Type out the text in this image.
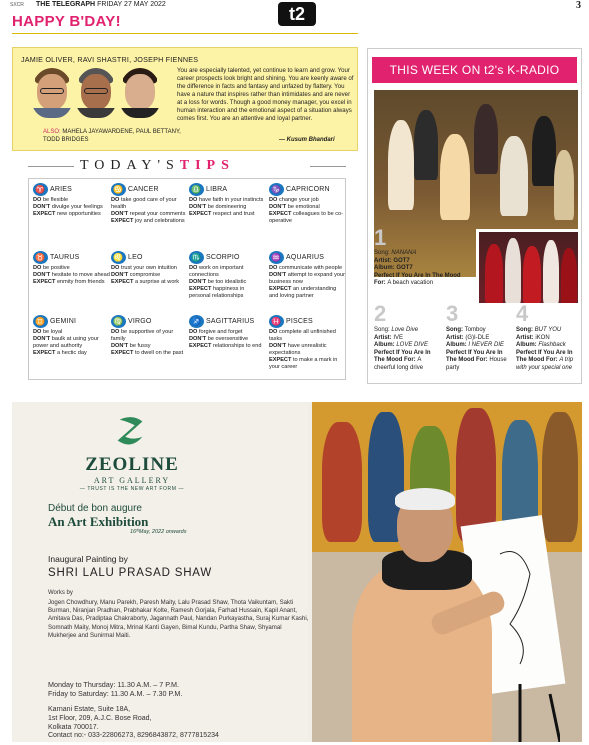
SXCR THE TELEGRAPH FRIDAY 27 MAY 2022	3
t2
HAPPY B'DAY!
JAMIE OLIVER, RAVI SHASTRI, JOSEPH FIENNES
ALSO: MAHELA JAYAWARDENE, PAUL BETTANY, TODD BRIDGES
You are especially talented, yet continue to learn and grow. Your career prospects look bright and shining. You are keenly aware of the difference in facts and fantasy and unfazed by flattery. You have a nature that inspires rather than intimidates and are never at a loss for words. Though a good money manager, you excel in human interaction and the emotional aspect of a situation always comes first. You are an attentive and loyal partner.
— Kusum Bhandari
TODAY'STIPS
♈ ARIES
DO be flexible
DON'T divulge your feelings
EXPECT new opportunities
♉ TAURUS
DO be positive
DON'T hesitate to move ahead
EXPECT enmity from friends
♊ GEMINI
DO be loyal
DON'T baulk at using your power and authority
EXPECT a hectic day
♋ CANCER
DO take good care of your health
DON'T repeat your comments
EXPECT joy and celebrations
♌ LEO
DO trust your own intuition
DON'T compromise
EXPECT a surprise at work
♍ VIRGO
DO be supportive of your family
DON'T be fussy
EXPECT to dwell on the past
♎ LIBRA
DO have faith in your instincts
DON'T be domineering
EXPECT respect and trust
♏ SCORPIO
DO work on important connections
DON'T be too idealistic
EXPECT happiness in personal relationships
♐ SAGITTARIUS
DO forgive and forget
DON'T be oversensitive
EXPECT relationships to end
♑ CAPRICORN
DO change your job
DON'T be emotional
EXPECT colleagues to be co-operative
♒ AQUARIUS
DO communicate with people
DON'T attempt to expand your business now
EXPECT an understanding and loving partner
♓ PISCES
DO complete all unfinished tasks
DON'T have unrealistic expectations
EXPECT to make a mark in your career
THIS WEEK ON t2's K-RADIO
1
Song: NANANA
Artist: GOT7
Album: GOT7
Perfect If You Are In The Mood For: A beach vacation
2
Song: Love Dive
Artist: IVE
Album: LOVE DIVE
Perfect If You Are In The Mood For: A cheerful long drive
3
Song: Tomboy
Artist: (G)I-DLE
Album: I NEVER DIE
Perfect If You Are In The Mood For: House party
4
Song: BUT YOU
Artist: iKON
Album: Flashback
Perfect If You Are In The Mood For: A trip with your special one
ZEOLINE
ART GALLERY
— TRUST IS THE NEW ART FORM —
Début de bon augure
An Art Exhibition
16ᵗʰMay, 2022 onwards
Inaugural Painting by
SHRI LALU PRASAD SHAW
Works by
Jogen Chowdhury, Manu Parekh, Paresh Maity, Lalu Prasad Shaw, Thota Vaikuntam, Sakti Burman, Niranjan Pradhan, Prabhakar Kolte, Ramesh Gorjala, Farhad Hussain, Kapil Anant, Amitava Das, Pradiptaa Chakraborty, Jagannath Paul, Nandan Purkayastha, Suraj Kumar Kashi, Somnath Maity, Monoj Mitra, Mrinal Kanti Gayen, Bimal Kundu, Partha Shaw, Shyamal Mukherjee and Sunirmal Maiti.
Monday to Thursday: 11.30 A.M. – 7 P.M.
Friday to Saturday: 11.30 A.M. – 7.30 P.M.
Karnani Estate, Suite 18A,
1st Floor, 209, A.J.C. Bose Road,
Kolkata 700017.
Contact no:- 033-22806273, 8296843872, 8777815234
